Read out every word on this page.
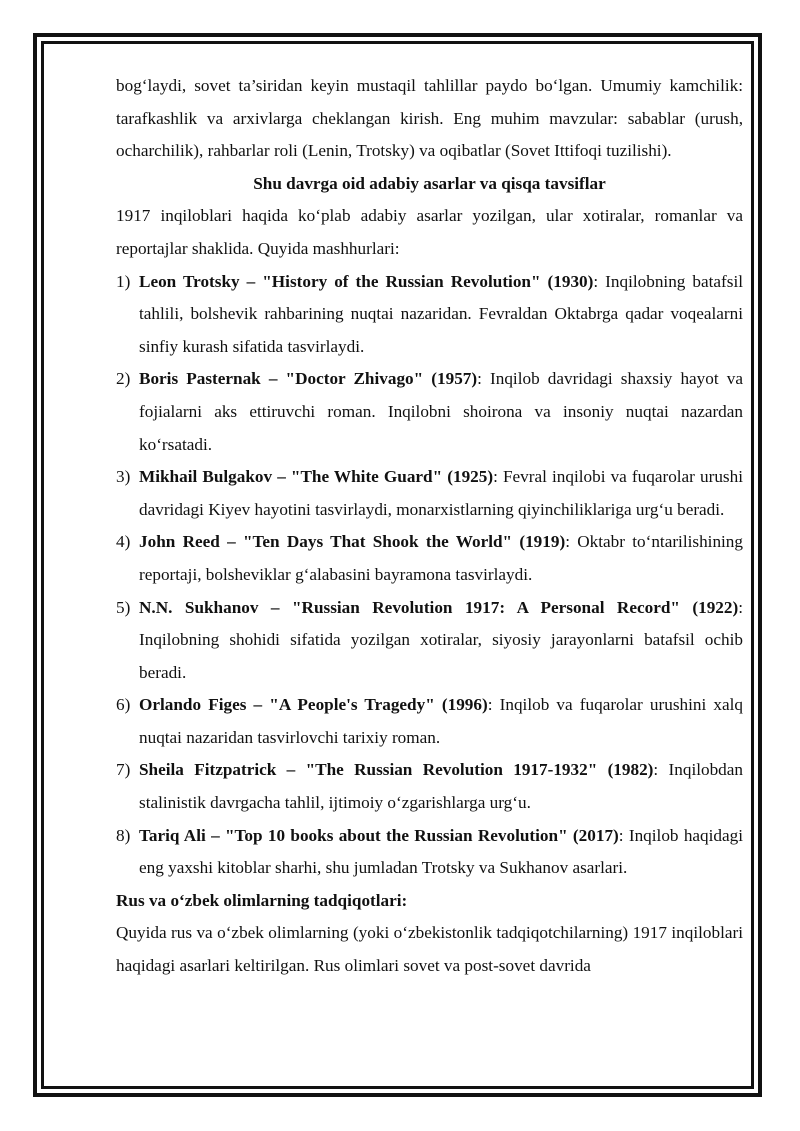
bog‘laydi, sovet ta’siridan keyin mustaqil tahlillar paydo bo‘lgan. Umumiy kamchilik: tarafkashlik va arxivlarga cheklangan kirish. Eng muhim mavzular: sabablar (urush, ocharchilik), rahbarlar roli (Lenin, Trotsky) va oqibatlar (Sovet Ittifoqi tuzilishi).

Shu davrga oid adabiy asarlar va qisqa tavsiflar

1917 inqiloblari haqida ko‘plab adabiy asarlar yozilgan, ular xotiralar, romanlar va reportajlar shaklida. Quyida mashhurlari:

1) Leon Trotsky – "History of the Russian Revolution" (1930): Inqilobning batafsil tahlili, bolshevik rahbarining nuqtai nazaridan. Fevraldan Oktabrga qadar voqealarni sinfiy kurash sifatida tasvirlaydi.
2) Boris Pasternak – "Doctor Zhivago" (1957): Inqilob davridagi shaxsiy hayot va fojialarni aks ettiruvchi roman. Inqilobni shoirona va insoniy nuqtai nazardan ko‘rsatadi.
3) Mikhail Bulgakov – "The White Guard" (1925): Fevral inqilobi va fuqarolar urushi davridagi Kiyev hayotini tasvirlaydi, monarxistlarning qiyinchiliklariga urg‘u beradi.
4) John Reed – "Ten Days That Shook the World" (1919): Oktabr to‘ntarilishining reportaji, bolsheviklar g‘alabasini bayramona tasvirlaydi.
5) N.N. Sukhanov – "Russian Revolution 1917: A Personal Record" (1922): Inqilobning shohidi sifatida yozilgan xotiralar, siyosiy jarayonlarni batafsil ochib beradi.
6) Orlando Figes – "A People's Tragedy" (1996): Inqilob va fuqarolar urushini xalq nuqtai nazaridan tasvirlovchi tarixiy roman.
7) Sheila Fitzpatrick – "The Russian Revolution 1917-1932" (1982): Inqilobdan stalinistik davrgacha tahlil, ijtimoiy o‘zgarishlarga urg‘u.
8) Tariq Ali – "Top 10 books about the Russian Revolution" (2017): Inqilob haqidagi eng yaxshi kitoblar sharhi, shu jumladan Trotsky va Sukhanov asarlari.

Rus va o‘zbek olimlarning tadqiqotlari:

Quyida rus va o‘zbek olimlarning (yoki o‘zbekistonlik tadqiqotchilarning) 1917 inqiloblari haqidagi asarlari keltirilgan. Rus olimlari sovet va post-sovet davrida
